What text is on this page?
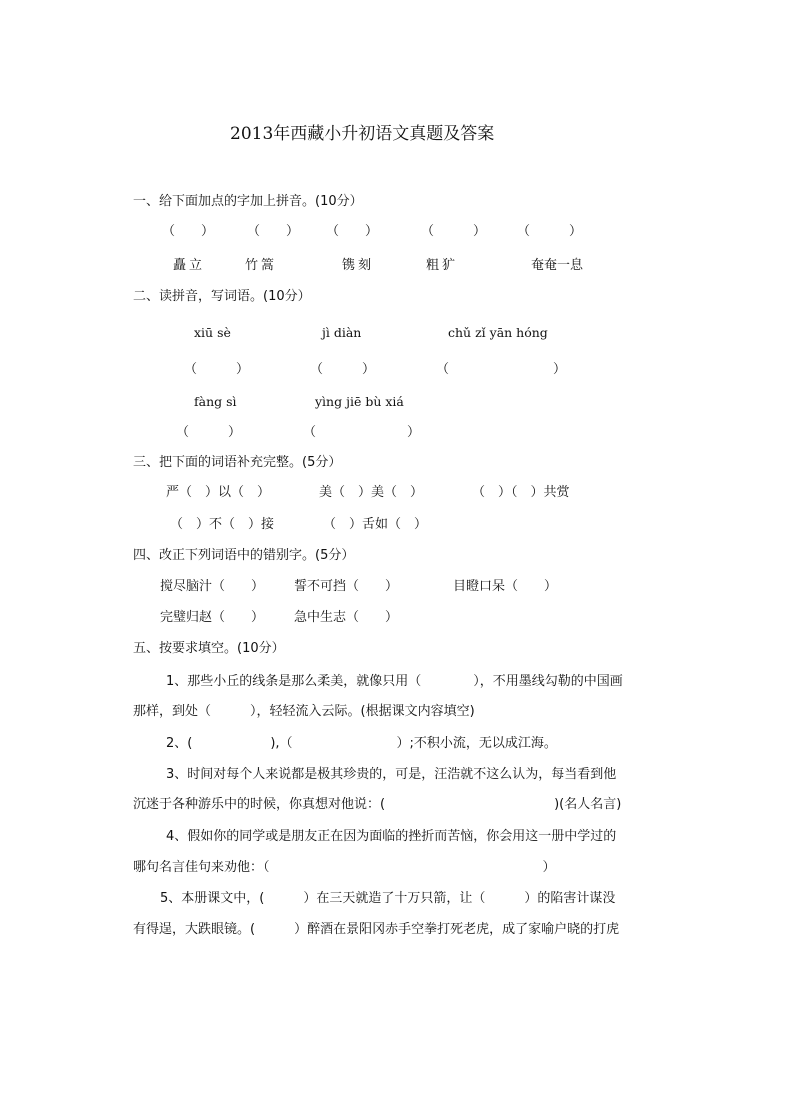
2013年西藏小升初语文真题及答案
一、给下面加点的字加上拼音。(10分）
（　　）	（　　） （　　）	（　　　） （　　　）
矗立	竹篙	镌刻	粗犷	奄奄一息
二、读拼音，写词语。(10分）
xiū sè	jì diàn	chǔ zǐ yān hóng
（　　　）	（　　　）	（　　　　　　　　）
fàng sì	yìng jiē bù xiá
（　　　）	（　　　　　　　）
三、把下面的词语补充完整。(5分）
严（　）以（　）	美（　）美（　）	（　）（　）共赏
（　）不（　）接	（　）舌如（　）
四、改正下列词语中的错别字。(5分）
搅尽脑汁（　　） 誓不可挡（　　）	目瞪口呆（　　）
完璧归赵（　　） 急中生志（　　）
五、按要求填空。(10分）
1、那些小丘的线条是那么柔美，就像只用（　　　　），不用墨线勾勒的中国画
那样，到处（　　　），轻轻流入云际。(根据课文内容填空)
2、(　　　　　　),（　　　　　　　　）;不积小流，无以成江海。
3、时间对每个人来说都是极其珍贵的，可是，汪浩就不这么认为，每当看到他
沉迷于各种游乐中的时候，你真想对他说：(　　　　　　　　　　　　　)(名人名言)
4、假如你的同学或是朋友正在因为面临的挫折而苦恼，你会用这一册中学过的
哪句名言佳句来劝他：（　　　　　　　　　　　　　　　　　　　　　）
5、本册课文中，(　　　）在三天就造了十万只箭，让（　　　）的陷害计谋没
有得逞，大跌眼镜。(　　　）醉酒在景阳冈赤手空拳打死老虎，成了家喻户晓的打虎
